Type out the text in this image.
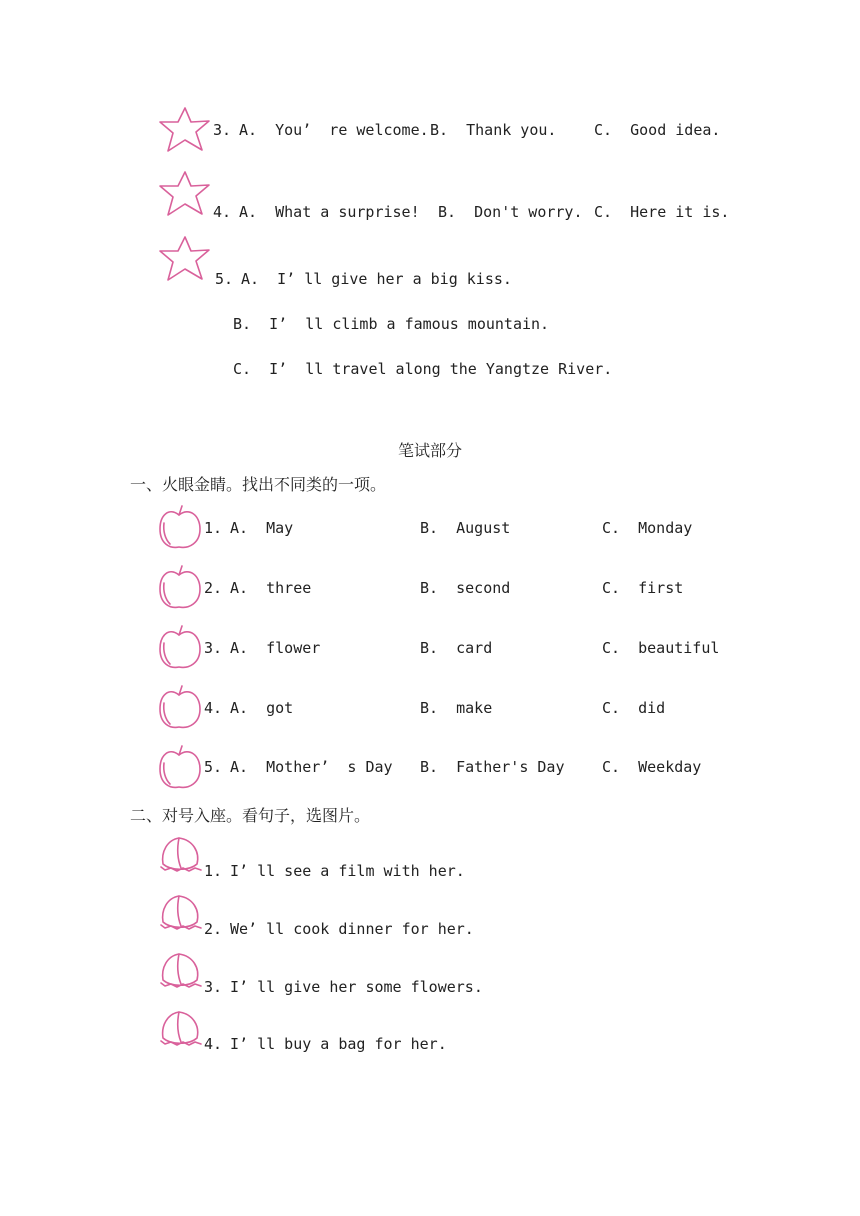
3. A.  You’  re welcome. B.  Thank you.	C.  Good idea.
4. A.  What a surprise! B.  Don't worry. C.  Here it is.
5. A.  I’ ll give her a big kiss.
B.  I’  ll climb a famous mountain.
C.  I’  ll travel along the Yangtze River.
笔试部分
一、火眼金睛。找出不同类的一项。
1. A.  May	B.  August	C.  Monday
2. A.  three	B.  second	C.  first
3. A.  flower	B.  card	C.  beautiful
4. A.  got	B.  make	C.  did
5. A.  Mother’  s Day B.  Father's Day	C.  Weekday
二、对号入座。看句子，选图片。
1. I’ ll see a film with her.
2. We’ ll cook dinner for her.
3. I’ ll give her some flowers.
4. I’ ll buy a bag for her.
